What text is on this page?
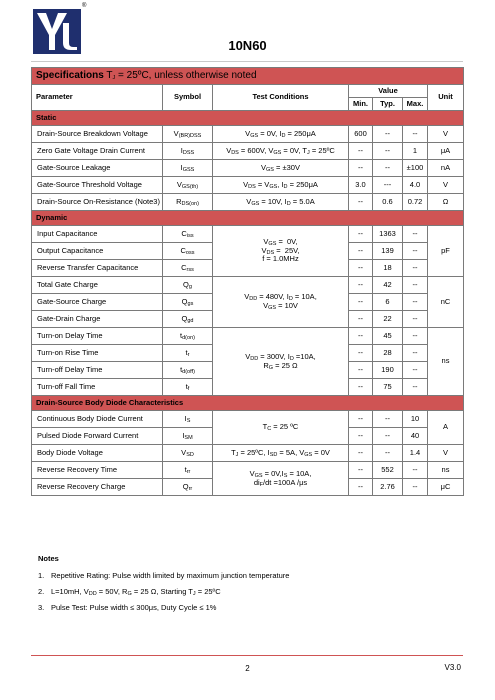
®
10N60
Specifications $T_J$ = 25ºC, unless otherwise noted						
Parameter	Symbol	Test Conditions	Value			Unit
			Min.	Typ.	Max.	
Static						
Drain-Source Breakdown Voltage	$V_{(BR)DSS}$	$V_{GS} = 0V$, $I_D = 250\mu A$	600	--	--	V
Zero Gate Voltage Drain Current	$I_{DSS}$	$V_{DS} = 600V$, $V_{GS} = 0V$, $T_J$ = 25ºC	--	--	1	μA
Gate-Source Leakage	$I_{GSS}$	$V_{GS} = \pm 30V$	--	--	±100	nA
Gate-Source Threshold Voltage	$V_{GS(th)}$	$V_{DS} = V_{GS}$, $I_D = 250\mu A$	3.0	---	4.0	V
Drain-Source On-Resistance (Note3)	$R_{DS(on)}$	$V_{GS} = 10V$, $I_D = 5.0A$	--	0.6	0.72	Ω
Dynamic						
Input Capacitance	$C_{iss}$	$V_{GS} = 0V$,
$V_{DS} = 25V$,
f = 1.0MHz	--	1363	--	pF
Output Capacitance	$C_{oss}$		--	139	--	
Reverse Transfer Capacitance	$C_{rss}$		--	18	--	
Total Gate Charge	$Q_g$	$V_{DD} = 480V$, $I_D = 10A$,
$V_{GS} = 10V$	--	42	--	nC
Gate-Source Charge	$Q_{gs}$		--	6	--	
Gate-Drain Charge	$Q_{gd}$		--	22	--	
Turn-on Delay Time	$t_{d(on)}$	$V_{DD} = 300V$, $I_D =10A$,
$R_G = 25$ Ω	--	45	--	ns
Turn-on Rise Time	$t_r$		--	28	--	
Turn-off Delay Time	$t_{d(off)}$		--	190	--	
Turn-off Fall Time	$t_f$		--	75	--	
Drain-Source Body Diode Characteristics						
Continuous Body Diode Current	$I_S$	$T_C = 25$ ºC	--	--	10	A
Pulsed Diode Forward Current	$I_{SM}$		--	--	40	
Body Diode Voltage	$V_{SD}$	$T_J$ = 25ºC, $I_{SD} = 5A$, $V_{GS} = 0V$	--	--	1.4	V
Reverse Recovery Time	$t_{rr}$	$V_{GS} = 0V,I_S = 10A$,
$di_F/dt =100A$ /μs	--	552	--	ns
Reverse Recovery Charge	$Q_{rr}$		--	2.76	--	μC
Notes
1. Repetitive Rating: Pulse width limited by maximum junction temperature
2. L=10mH, $V_{DD} = 50V$, $R_G = 25$ Ω, Starting $T_J$ = 25ºC
3. Pulse Test: Pulse width ≤ 300μs, Duty Cycle ≤ 1%
2	V3.0
